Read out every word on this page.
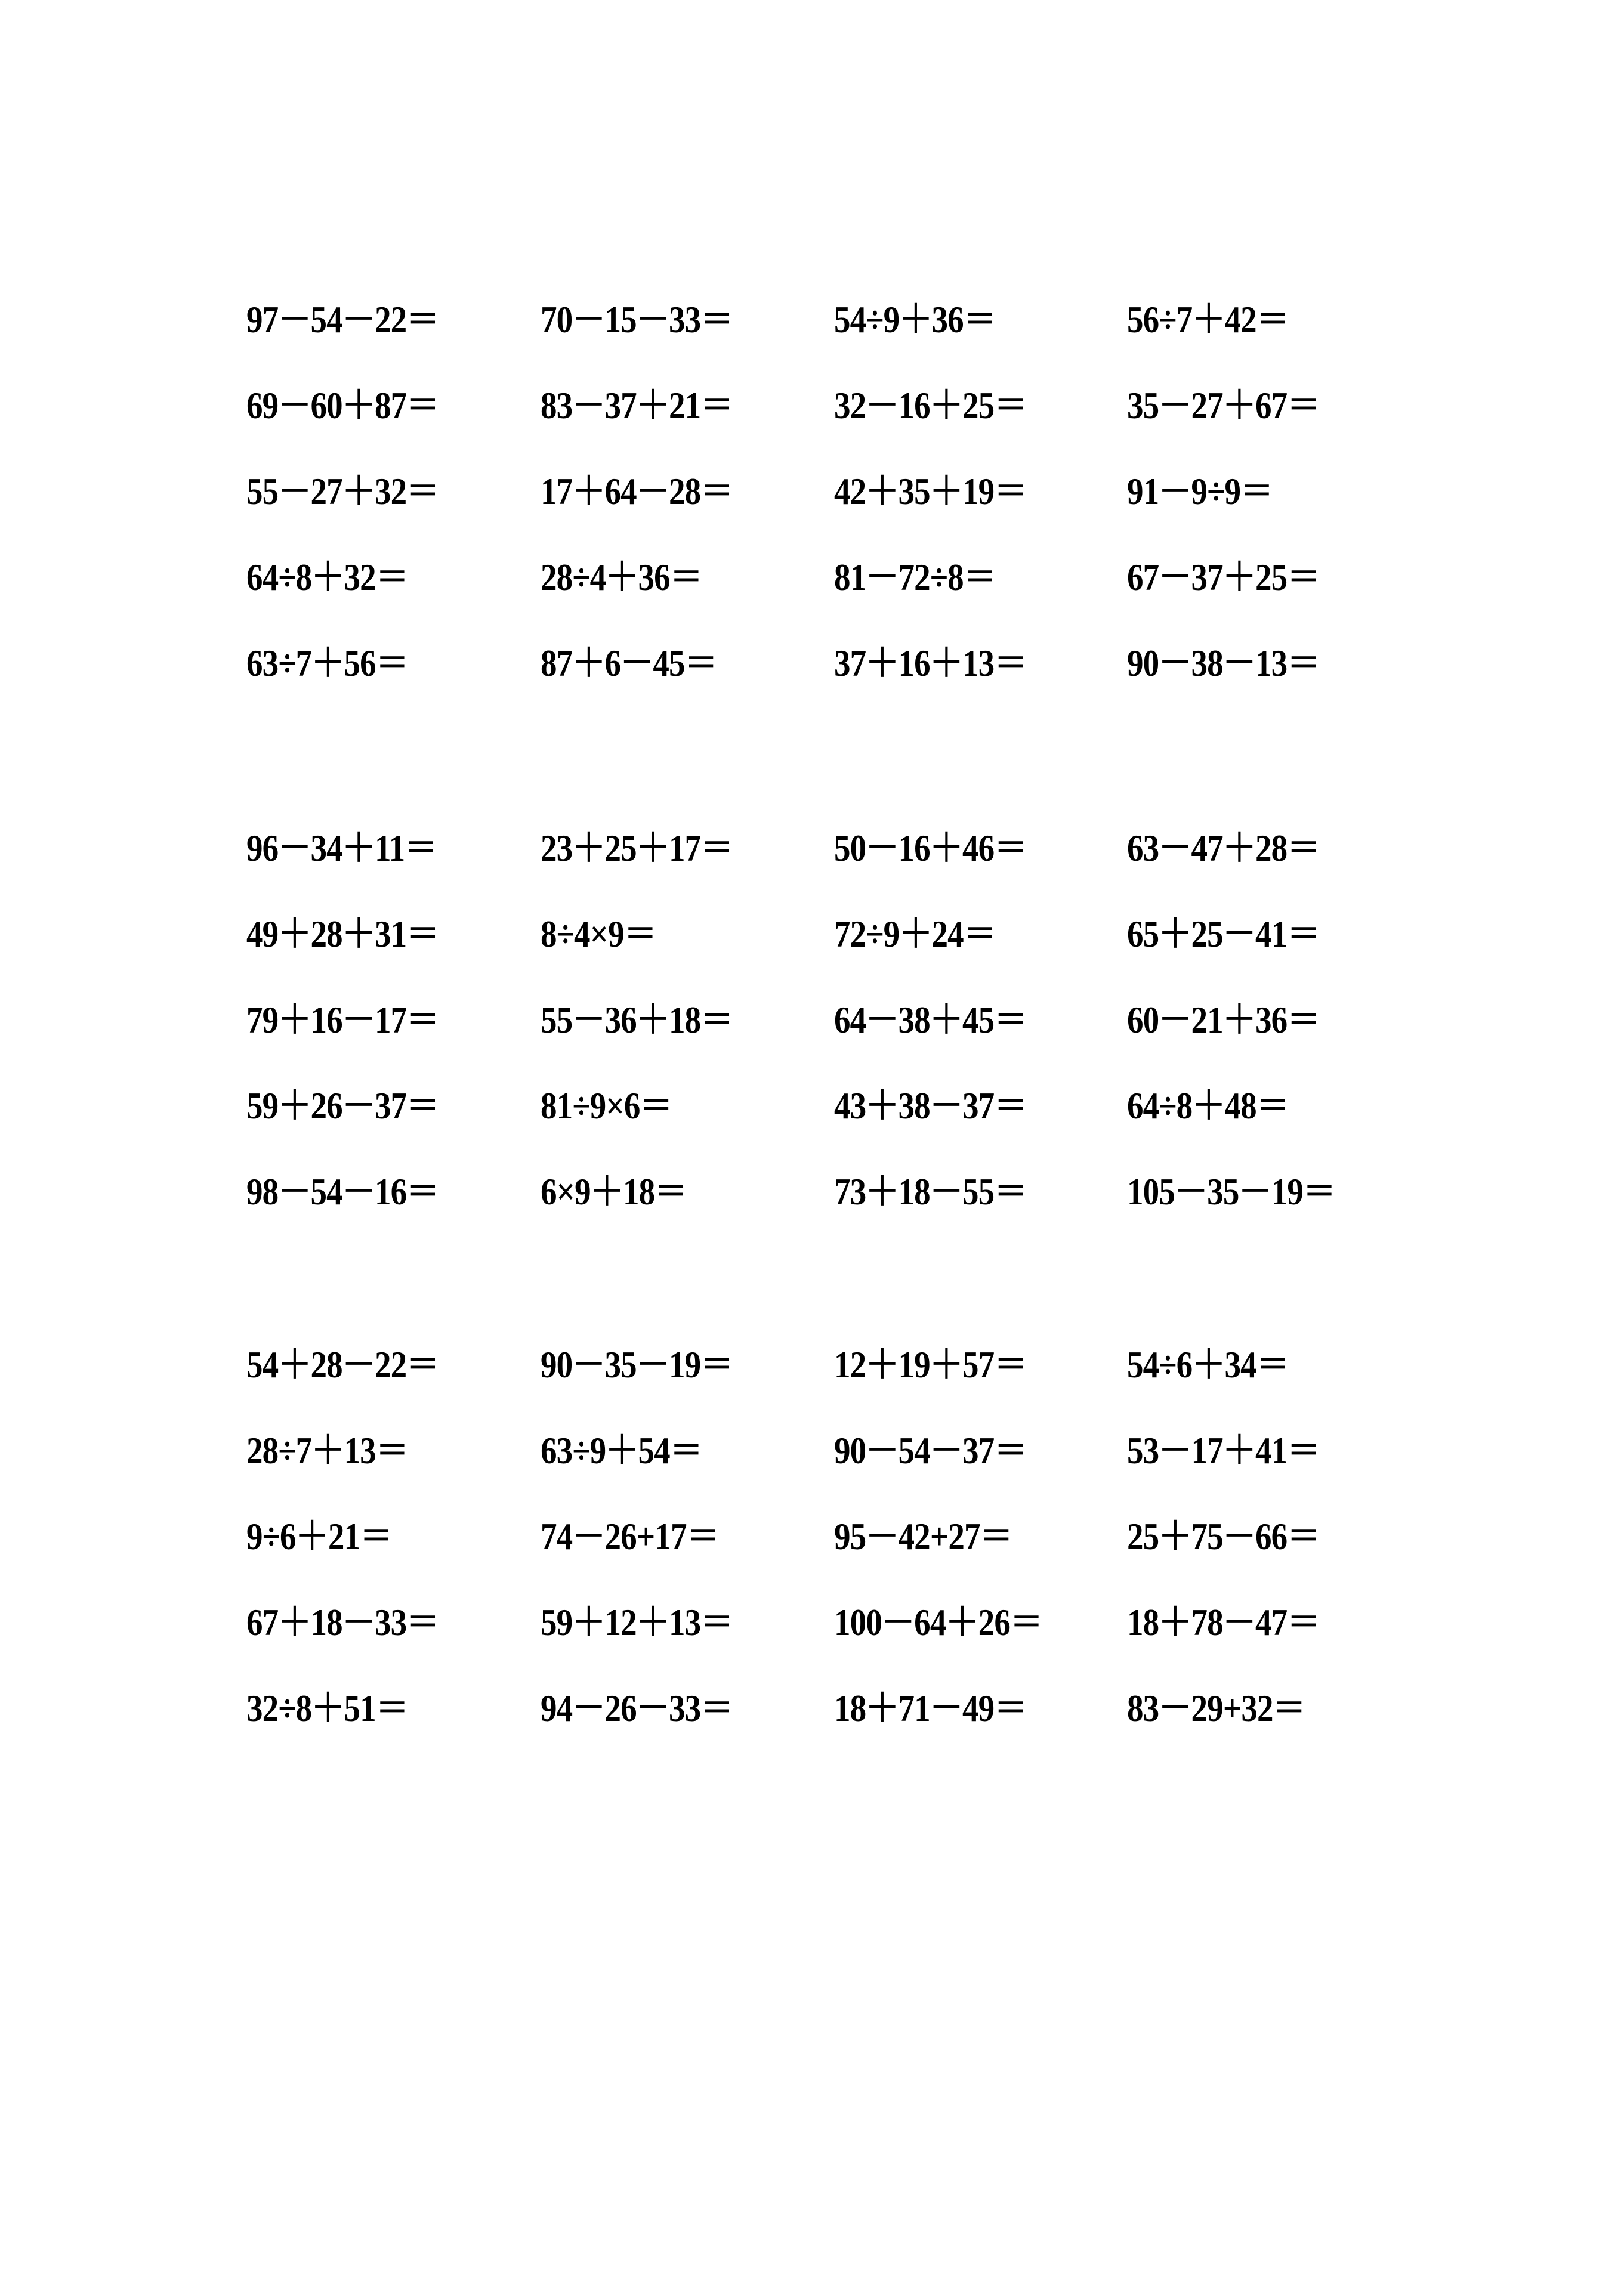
97－54－22＝	70－15－33＝	54÷9＋36＝	56÷7＋42＝
69－60＋87＝	83－37＋21＝	32－16＋25＝	35－27＋67＝
55－27＋32＝	17＋64－28＝	42＋35＋19＝	91－9÷9＝
64÷8＋32＝	28÷4＋36＝	81－72÷8＝	67－37＋25＝
63÷7＋56＝	87＋6－45＝	37＋16＋13＝	90－38－13＝
96－34＋11＝	23＋25＋17＝	50－16＋46＝	63－47＋28＝
49＋28＋31＝	8÷4×9＝	72÷9＋24＝	65＋25－41＝
79＋16－17＝	55－36＋18＝	64－38＋45＝	60－21＋36＝
59＋26－37＝	81÷9×6＝	43＋38－37＝	64÷8＋48＝
98－54－16＝	6×9＋18＝	73＋18－55＝	105－35－19＝
54＋28－22＝	90－35－19＝	12＋19＋57＝	54÷6＋34＝
28÷7＋13＝	63÷9＋54＝	90－54－37＝	53－17＋41＝
9÷6＋21＝	74－26+17＝	95－42+27＝	25＋75－66＝
67＋18－33＝	59＋12＋13＝	100－64＋26＝ 18＋78－47＝
32÷8＋51＝	94－26－33＝	18＋71－49＝	83－29+32＝
